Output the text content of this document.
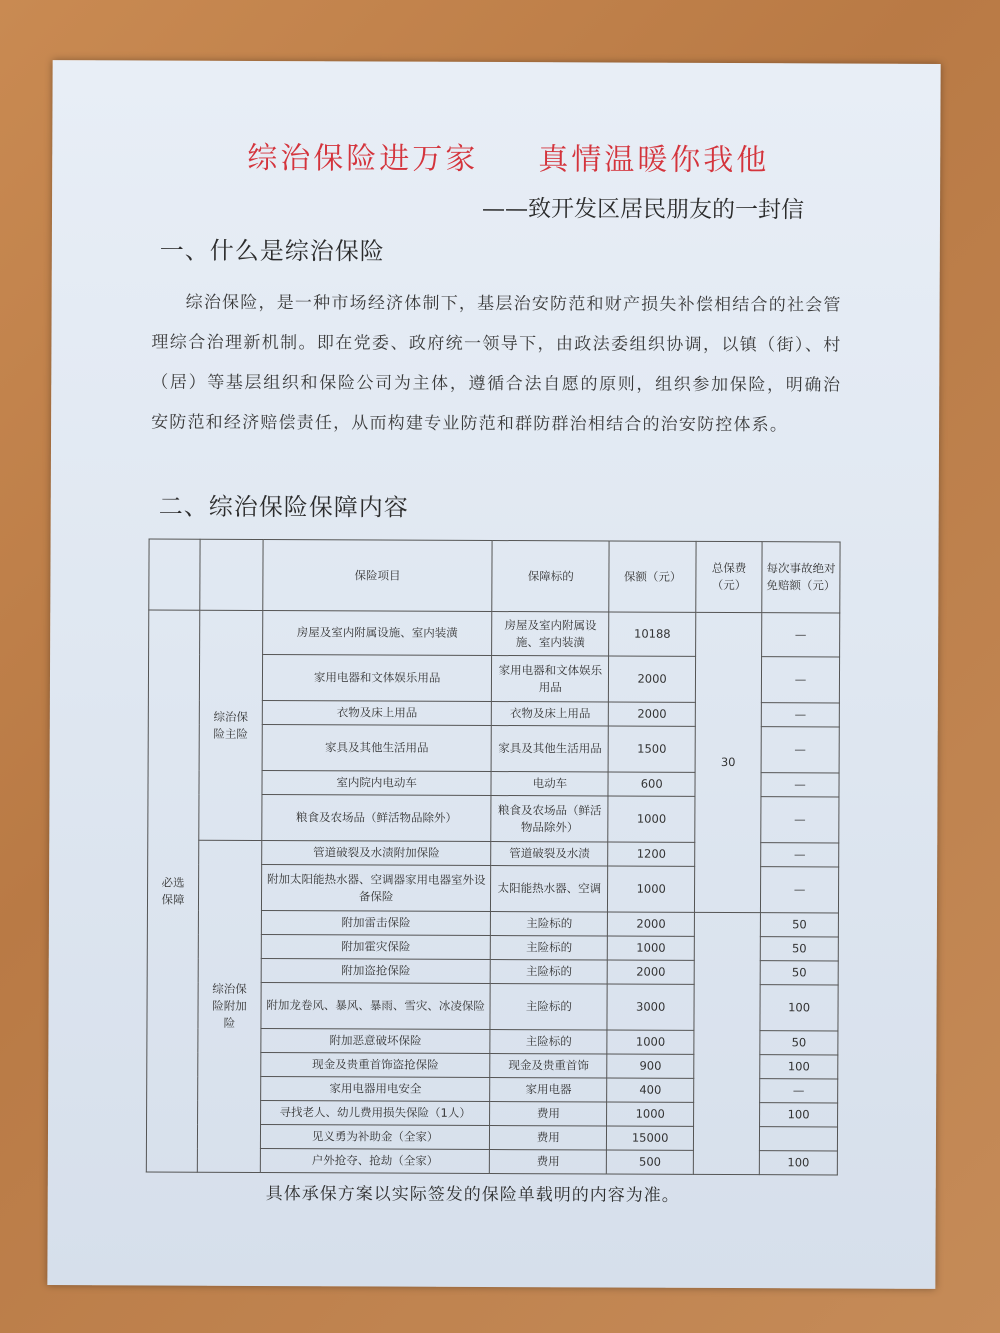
综治保险进万家 真情温暖你我他
——致开发区居民朋友的一封信
一、什么是综治保险
综治保险，是一种市场经济体制下，基层治安防范和财产损失补偿相结合的社会管理综合治理新机制。即在党委、政府统一领导下，由政法委组织协调，以镇（街）、村（居）等基层组织和保险公司为主体，遵循合法自愿的原则，组织参加保险，明确治安防范和经济赔偿责任，从而构建专业防范和群防群治相结合的治安防控体系。
二、综治保险保障内容
		保险项目	保障标的	保额（元）	总保费（元）	每次事故绝对免赔额（元）
必选保障	综治保险主险	房屋及室内附属设施、室内装潢	房屋及室内附属设施、室内装潢	10188	30	—
		家用电器和文体娱乐用品	家用电器和文体娱乐用品	2000		—
		衣物及床上用品	衣物及床上用品	2000		—
		家具及其他生活用品	家具及其他生活用品	1500		—
		室内院内电动车	电动车	600		—
		粮食及农场品（鲜活物品除外）	粮食及农场品（鲜活物品除外）	1000		—
	综治保险附加险	管道破裂及水渍附加保险	管道破裂及水渍	1200		—
		附加太阳能热水器、空调器家用电器室外设备保险	太阳能热水器、空调	1000		—
		附加雷击保险	主险标的	2000		50
		附加霍灾保险	主险标的	1000		50
		附加盗抢保险	主险标的	2000		50
		附加龙卷风、暴风、暴雨、雪灾、冰凌保险	主险标的	3000		100
		附加恶意破坏保险	主险标的	1000		50
		现金及贵重首饰盗抢保险	现金及贵重首饰	900		100
		家用电器用电安全	家用电器	400		—
		寻找老人、幼儿费用损失保险（1人）	费用	1000		100
		见义勇为补助金（全家）	费用	15000		
		户外抢夺、抢劫（全家）	费用	500		100
具体承保方案以实际签发的保险单载明的内容为准。
